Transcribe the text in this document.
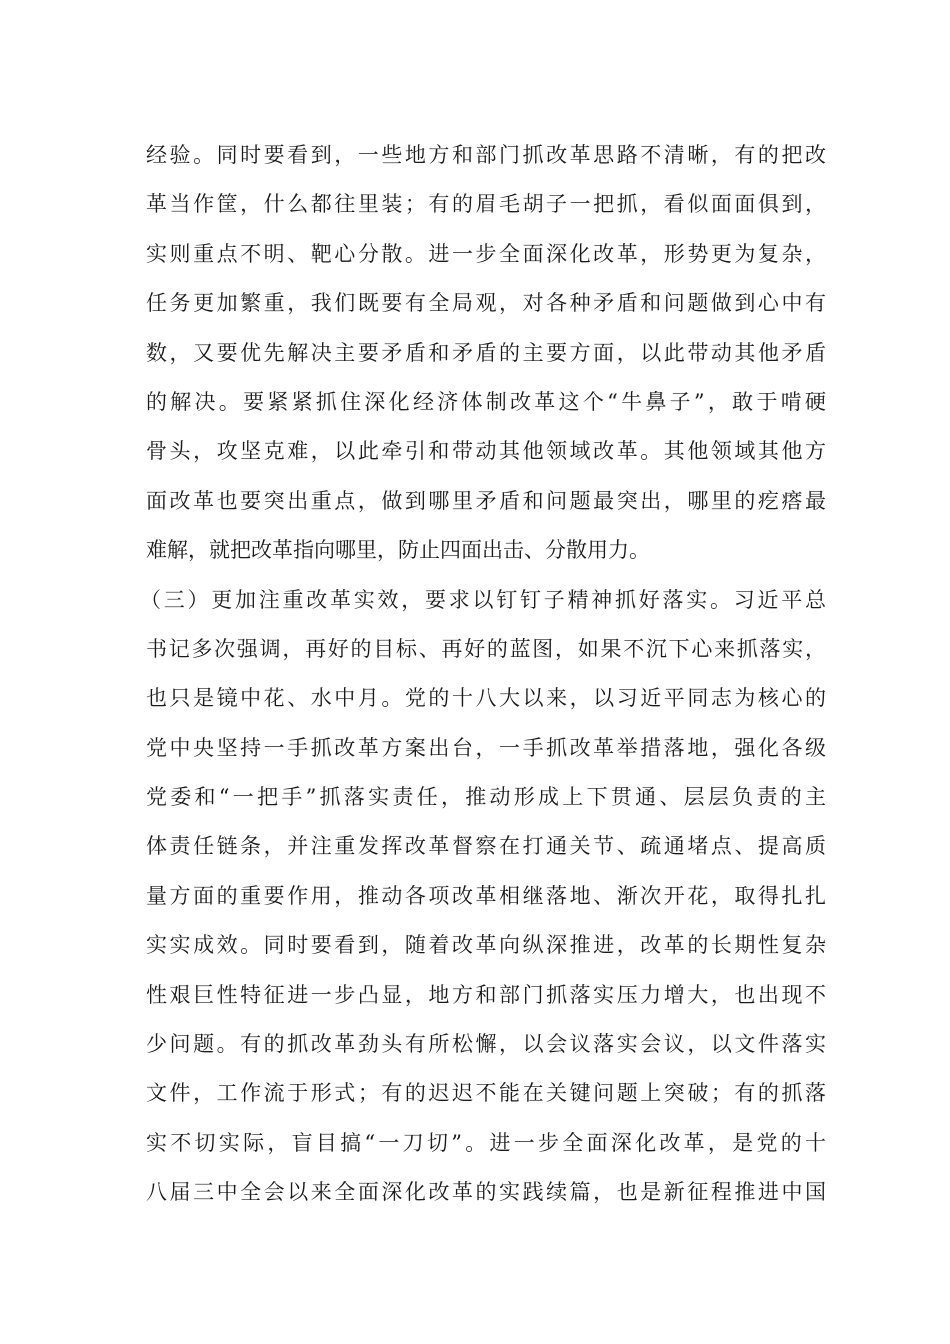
经验。同时要看到，一些地方和部门抓改革思路不清晰，有的把改
革当作筐，什么都往里装；有的眉毛胡子一把抓，看似面面俱到，
实则重点不明、靶心分散。进一步全面深化改革，形势更为复杂，
任务更加繁重，我们既要有全局观，对各种矛盾和问题做到心中有
数，又要优先解决主要矛盾和矛盾的主要方面，以此带动其他矛盾
的解决。要紧紧抓住深化经济体制改革这个“牛鼻子”，敢于啃硬
骨头，攻坚克难，以此牵引和带动其他领域改革。其他领域其他方
面改革也要突出重点，做到哪里矛盾和问题最突出，哪里的疙瘩最
难解，就把改革指向哪里，防止四面出击、分散用力。
（三）更加注重改革实效，要求以钉钉子精神抓好落实。习近平总
书记多次强调，再好的目标、再好的蓝图，如果不沉下心来抓落实，
也只是镜中花、水中月。党的十八大以来，以习近平同志为核心的
党中央坚持一手抓改革方案出台，一手抓改革举措落地，强化各级
党委和“一把手”抓落实责任，推动形成上下贯通、层层负责的主
体责任链条，并注重发挥改革督察在打通关节、疏通堵点、提高质
量方面的重要作用，推动各项改革相继落地、渐次开花，取得扎扎
实实成效。同时要看到，随着改革向纵深推进，改革的长期性复杂
性艰巨性特征进一步凸显，地方和部门抓落实压力增大，也出现不
少问题。有的抓改革劲头有所松懈，以会议落实会议，以文件落实
文件，工作流于形式；有的迟迟不能在关键问题上突破；有的抓落
实不切实际，盲目搞“一刀切”。进一步全面深化改革，是党的十
八届三中全会以来全面深化改革的实践续篇，也是新征程推进中国
